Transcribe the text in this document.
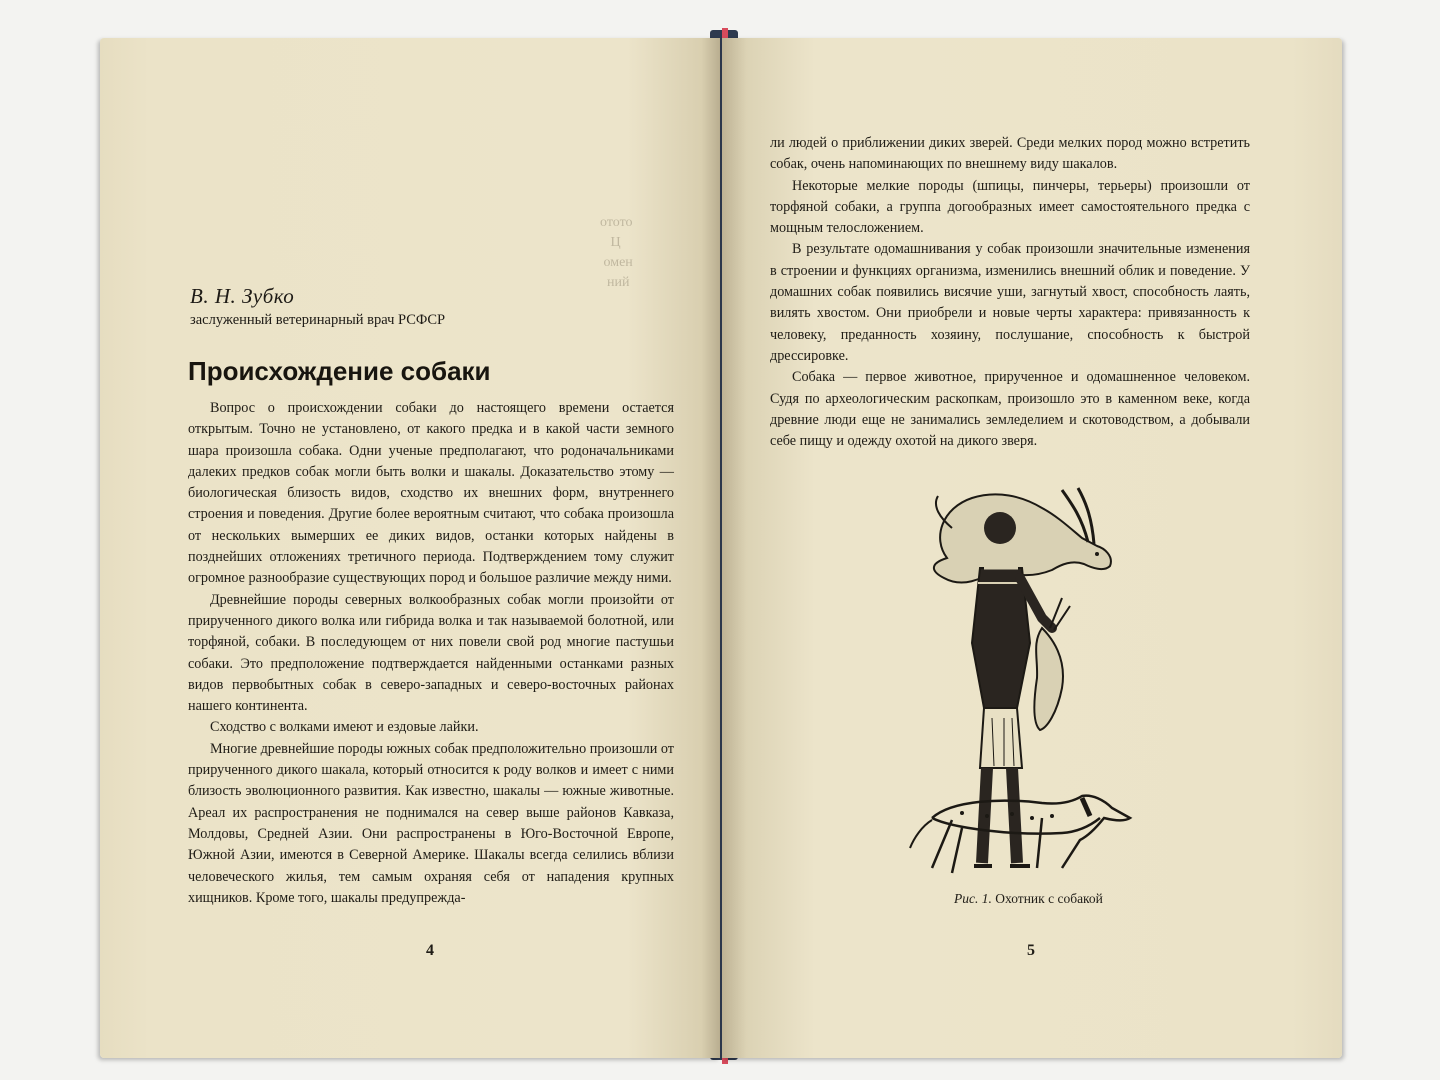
отото
Ц
омен
ний
В. Н. Зубко
заслуженный ветеринарный врач РСФСР
Происхождение собаки

Вопрос о происхождении собаки до настоящего времени остается открытым. Точно не установлено, от какого предка и в какой части земного шара произошла собака. Одни ученые предполагают, что родоначальниками далеких предков собак могли быть волки и шакалы. Доказательство этому — биологическая близость видов, сходство их внешних форм, внутреннего строения и поведения. Другие более вероятным считают, что собака произошла от нескольких вымерших ее диких видов, останки которых найдены в позднейших отложениях третичного периода. Подтверждением тому служит огромное разнообразие существующих пород и большое различие между ними.

Древнейшие породы северных волкообразных собак могли произойти от прирученного дикого волка или гибрида волка и так называемой болотной, или торфяной, собаки. В последующем от них повели свой род многие пастушьи собаки. Это предположение подтверждается найденными останками разных видов первобытных собак в северо-западных и северо-восточных районах нашего континента.

Сходство с волками имеют и ездовые лайки.

Многие древнейшие породы южных собак предположительно произошли от прирученного дикого шакала, который относится к роду волков и имеет с ними близость эволюционного развития. Как известно, шакалы — южные животные. Ареал их распространения не поднимался на север выше районов Кавказа, Молдовы, Средней Азии. Они распространены в Юго-Восточной Европе, Южной Азии, имеются в Северной Америке. Шакалы всегда селились вблизи человеческого жилья, тем самым охраняя себя от нападения крупных хищников. Кроме того, шакалы предупрежда-

4

ли людей о приближении диких зверей. Среди мелких пород можно встретить собак, очень напоминающих по внешнему виду шакалов.

Некоторые мелкие породы (шпицы, пинчеры, терьеры) произошли от торфяной собаки, а группа догообразных имеет самостоятельного предка с мощным телосложением.

В результате одомашнивания у собак произошли значительные изменения в строении и функциях организма, изменились внешний облик и поведение. У домашних собак появились висячие уши, загнутый хвост, способность лаять, вилять хвостом. Они приобрели и новые черты характера: привязанность к человеку, преданность хозяину, послушание, способность к быстрой дрессировке.

Собака — первое животное, прирученное и одомашненное человеком. Судя по археологическим раскопкам, произошло это в каменном веке, когда древние люди еще не занимались земледелием и скотоводством, а добывали себе пищу и одежду охотой на дикого зверя.

Рис. 1. Охотник с собакой
5
